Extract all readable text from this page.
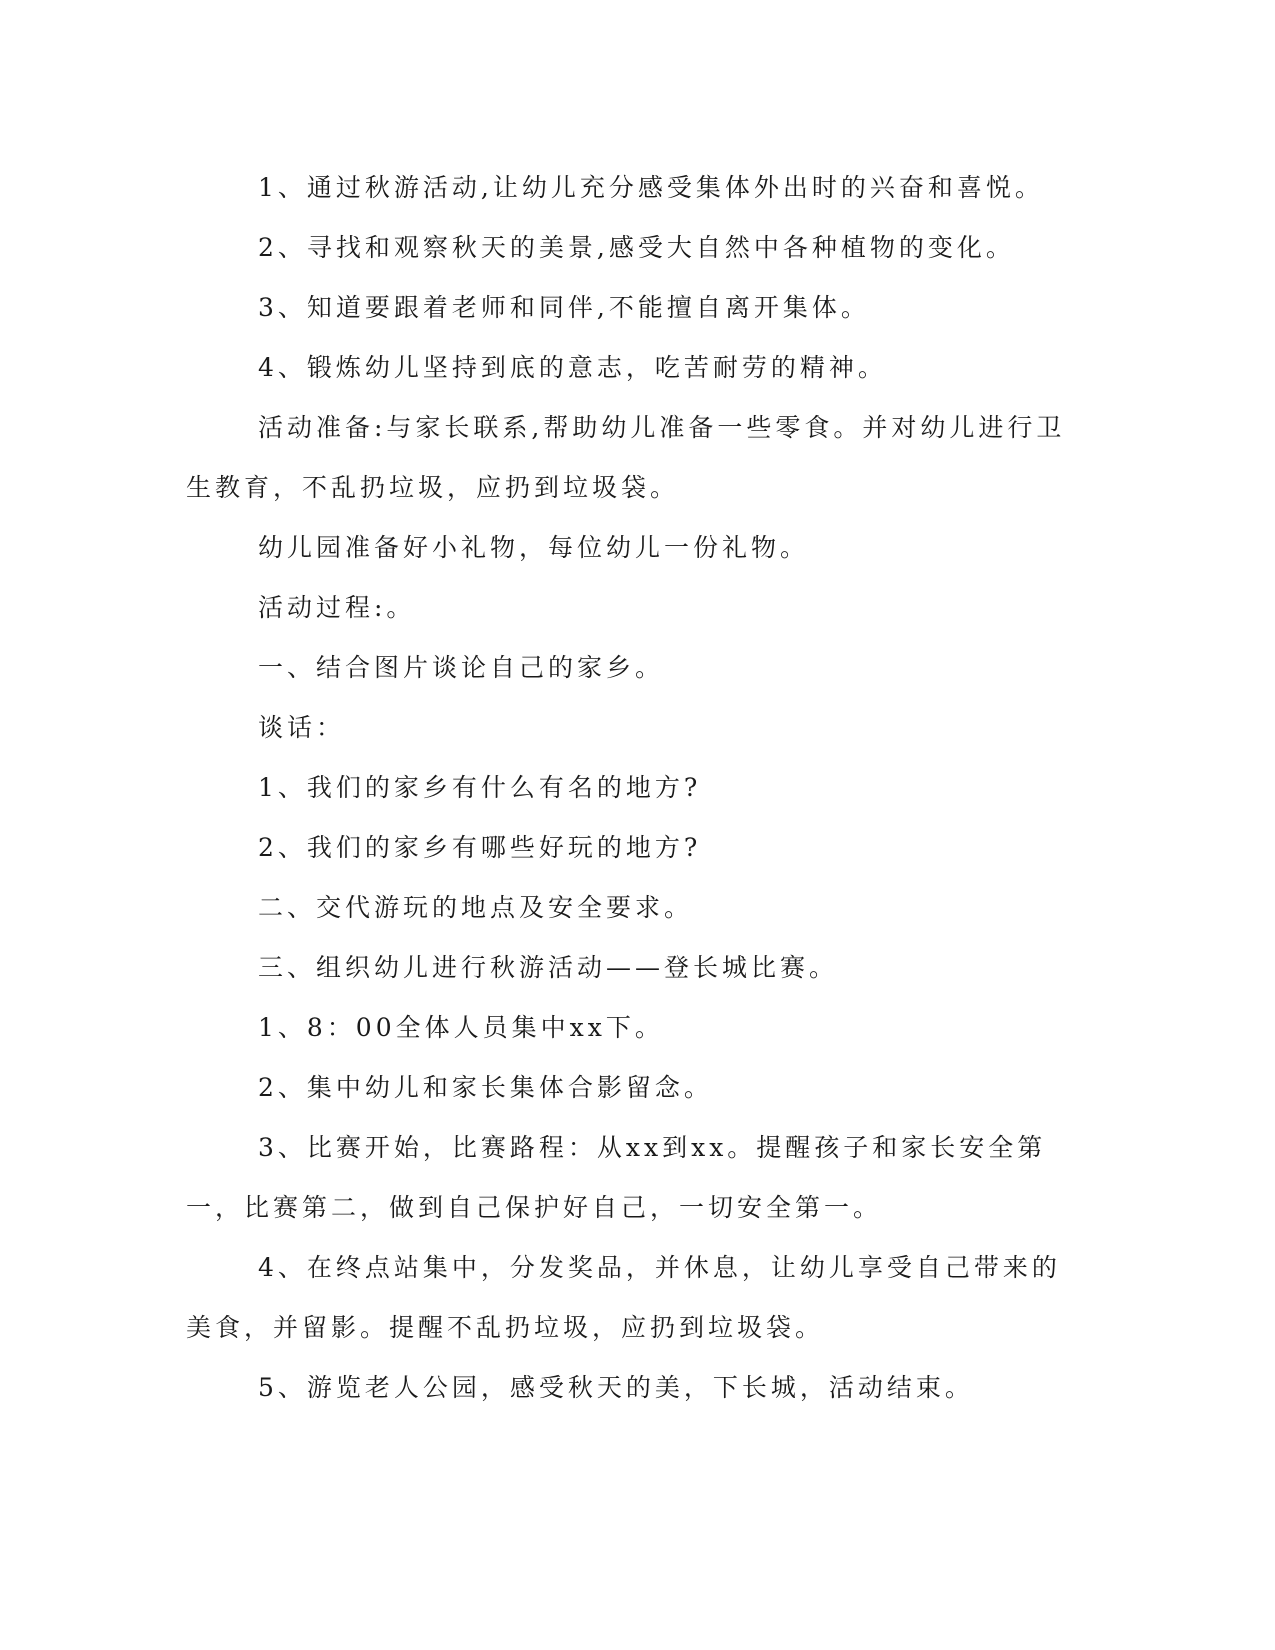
1、通过秋游活动,让幼儿充分感受集体外出时的兴奋和喜悦。

2、寻找和观察秋天的美景,感受大自然中各种植物的变化。

3、知道要跟着老师和同伴,不能擅自离开集体。

4、锻炼幼儿坚持到底的意志，吃苦耐劳的精神。

活动准备:与家长联系,帮助幼儿准备一些零食。并对幼儿进行卫生教育，不乱扔垃圾，应扔到垃圾袋。

幼儿园准备好小礼物，每位幼儿一份礼物。

活动过程:。

一、结合图片谈论自己的家乡。

谈话：

1、我们的家乡有什么有名的地方?

2、我们的家乡有哪些好玩的地方?

二、交代游玩的地点及安全要求。

三、组织幼儿进行秋游活动——登长城比赛。

1、8：00全体人员集中xx下。

2、集中幼儿和家长集体合影留念。

3、比赛开始，比赛路程：从xx到xx。提醒孩子和家长安全第一，比赛第二，做到自己保护好自己，一切安全第一。

4、在终点站集中，分发奖品，并休息，让幼儿享受自己带来的美食，并留影。提醒不乱扔垃圾，应扔到垃圾袋。

5、游览老人公园，感受秋天的美，下长城，活动结束。
